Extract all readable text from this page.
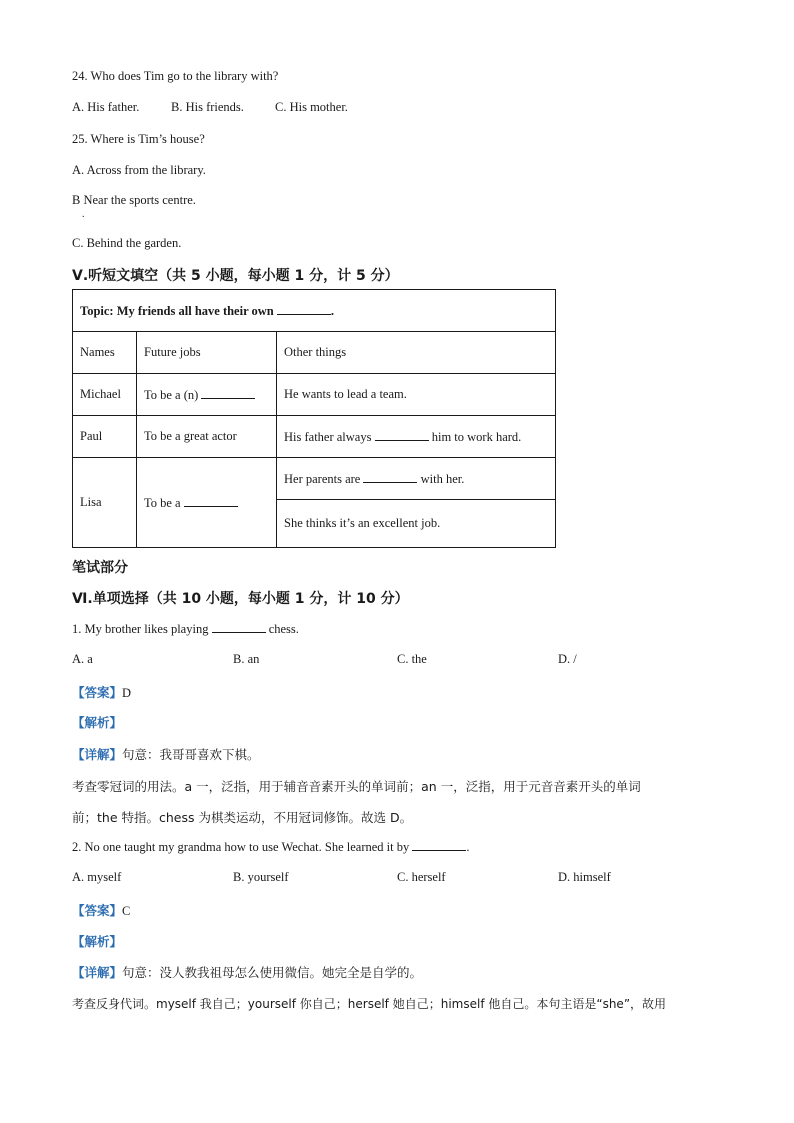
24. Who does Tim go to the library with?
A. His father.	B. His friends. C. His mother.
25. Where is Tim’s house?
A. Across from the library.
B Near the sports centre.
.
C. Behind the garden.
Ⅴ.听短文填空（共 5 小题，每小题 1 分，计 5 分）
Topic: My friends all have their own .		
Names	Future jobs	Other things
Michael	To be a (n)	He wants to lead a team.
Paul	To be a great actor	His father always him to work hard.
Lisa	To be a	Her parents are with her.
		She thinks it’s an excellent job.
笔试部分
Ⅵ.单项选择（共 10 小题，每小题 1 分，计 10 分）
1. My brother likes playing	chess.
A. a	B. an	C. the	D. /
【答案】D
【解析】
【详解】句意：我哥哥喜欢下棋。
考查零冠词的用法。a 一，泛指，用于辅音音素开头的单词前；an 一，泛指，用于元音音素开头的单词
前；the 特指。chess 为棋类运动，不用冠词修饰。故选 D。
2. No one taught my grandma how to use Wechat. She learned it by	.
A. myself	B. yourself	C. herself	D. himself
【答案】C
【解析】
【详解】句意：没人教我祖母怎么使用微信。她完全是自学的。
考查反身代词。myself 我自己；yourself 你自己；herself 她自己；himself 他自己。本句主语是“she”，故用
